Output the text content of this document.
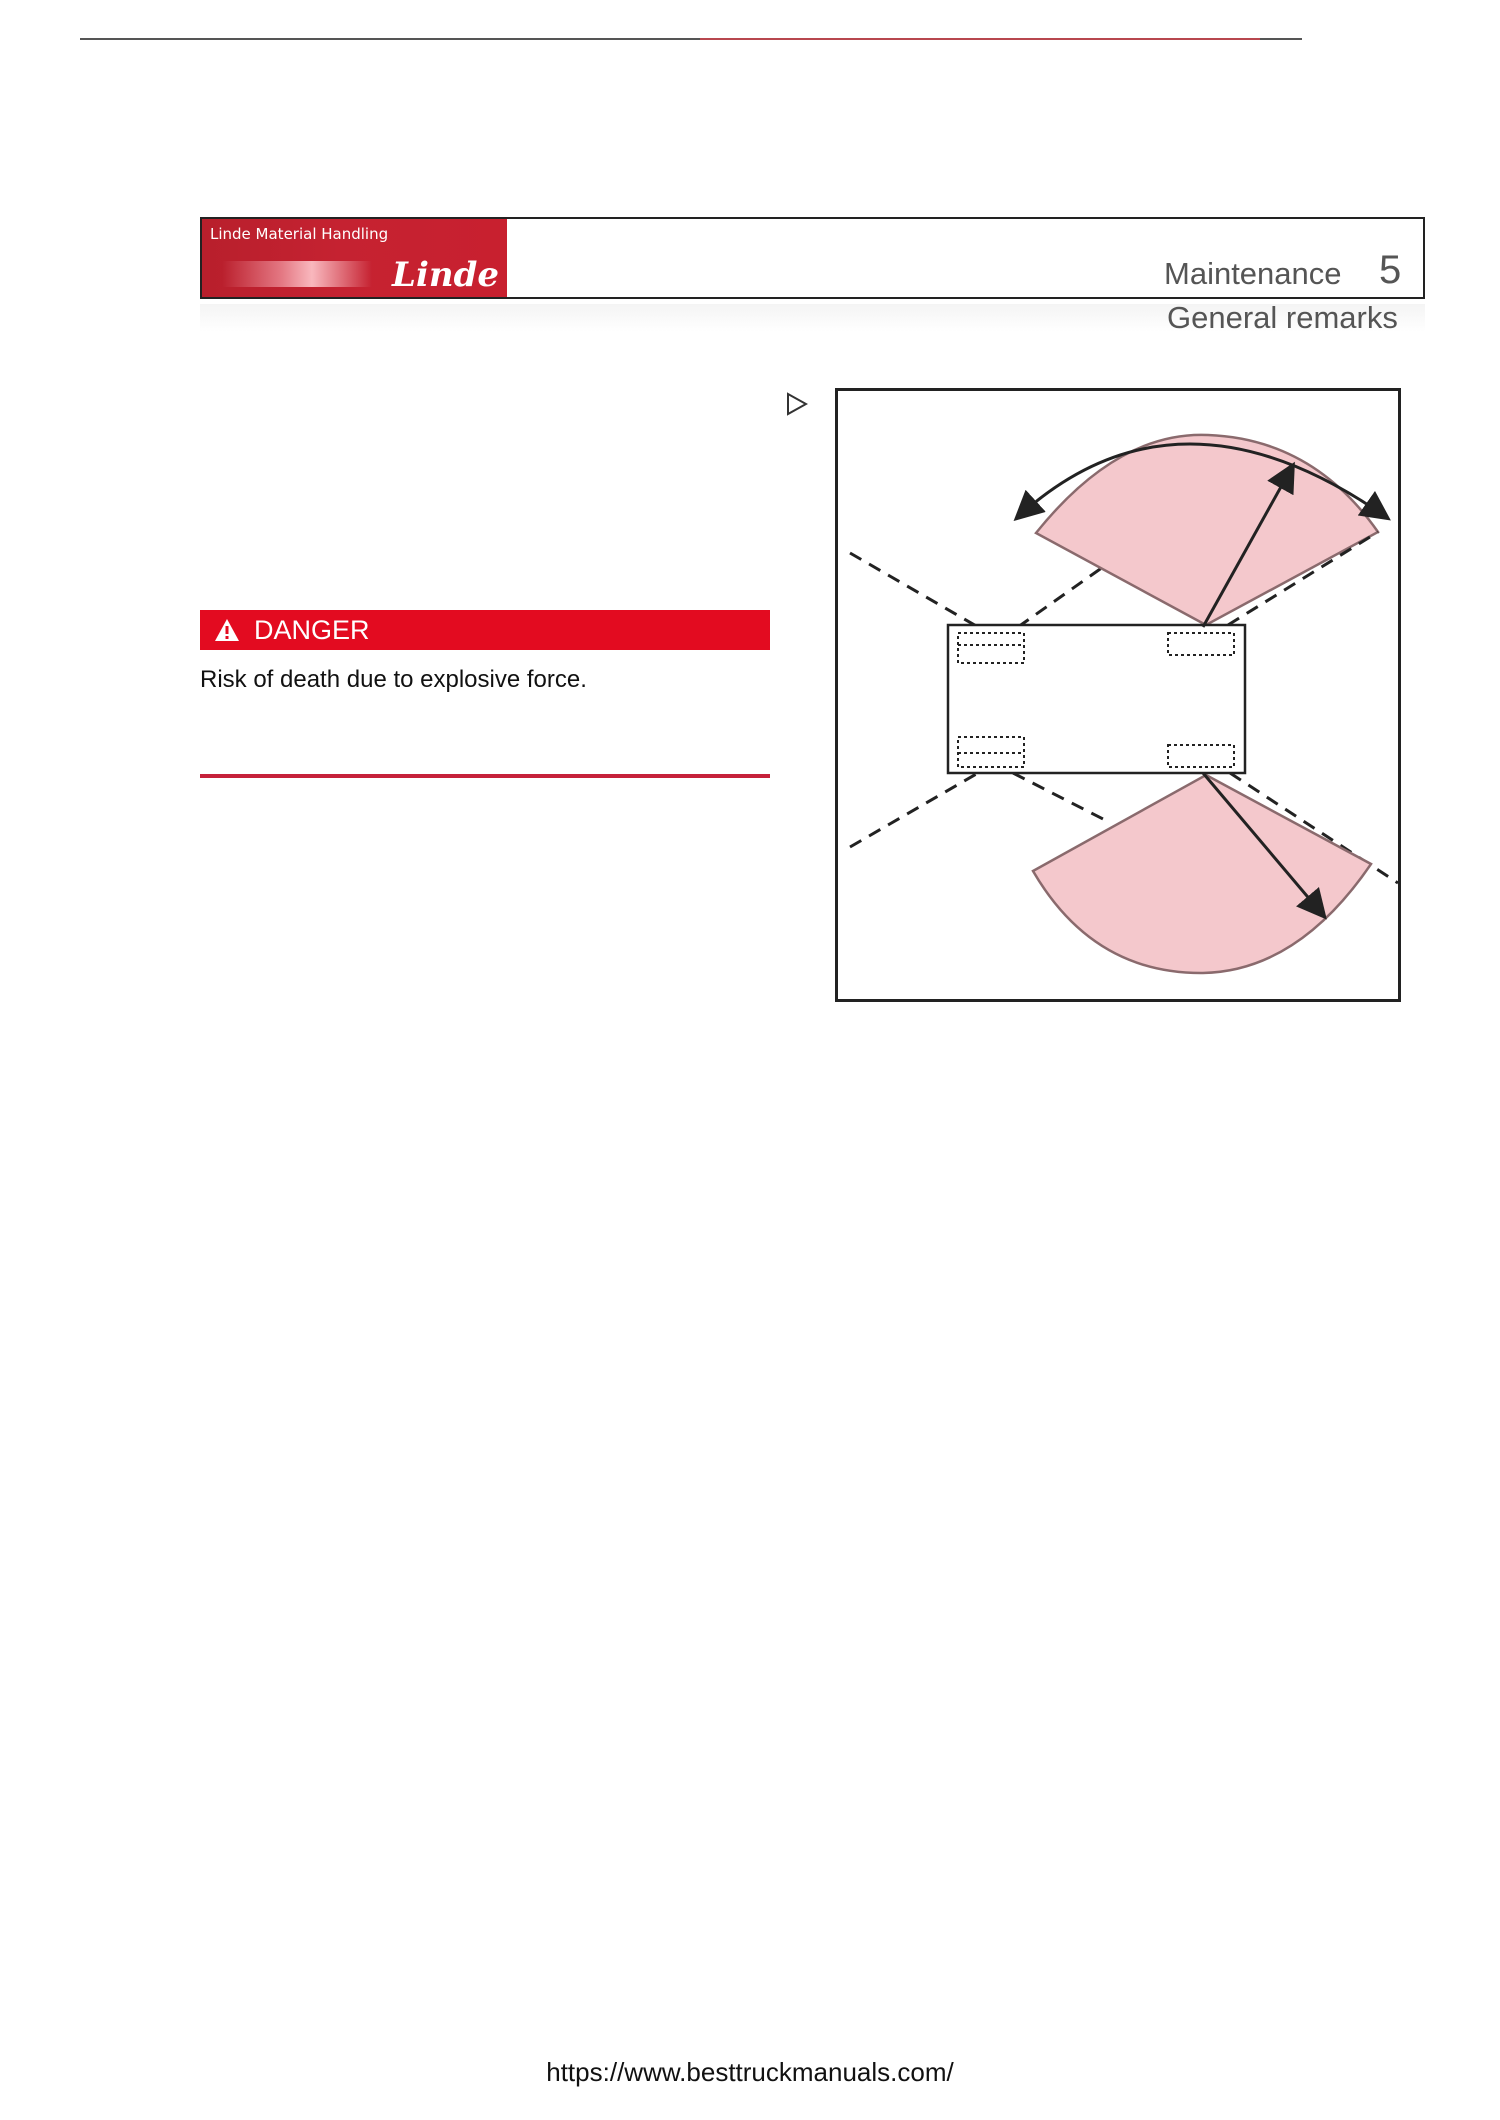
Linde Material Handling
Linde	Maintenance 5
General remarks
DANGER
Risk of death due to explosive force.
https://www.besttruckmanuals.com/
